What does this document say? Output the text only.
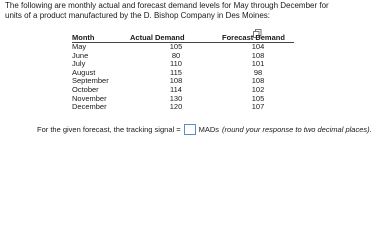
The following are monthly actual and forecast demand levels for May through December for units of a product manufactured by the D. Bishop Company in Des Moines:

Month	Actual Demand	Forecast Demand
May	105	104
June	80	108
July	110	101
August	115	98
September	108	108
October	114	102
November	130	105
December	120	107
For the given forecast, the tracking signal = MADs (round your response to two decimal places).
